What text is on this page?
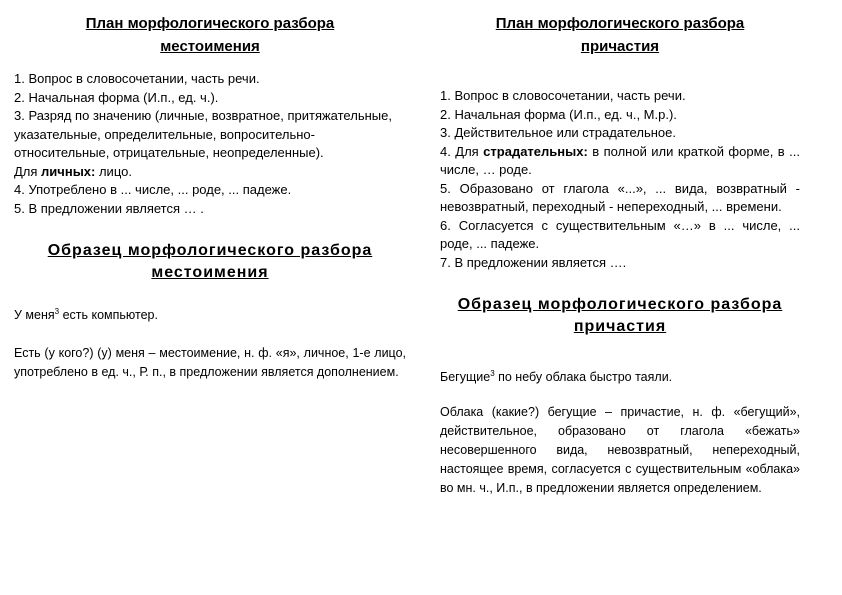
План морфологического разбора
местоимения

1. Вопрос в словосочетании, часть речи.

2. Начальная форма (И.п., ед. ч.).

3. Разряд по значению (личные, возвратное, притяжательные, указательные, определительные, вопросительно-относительные, отрицательные, неопределенные).

Для личных: лицо.

4. Употреблено в ... числе, ... роде, ... падеже.

5. В предложении является … .

Образец морфологического разбора
местоимения

У меня$^3$ есть компьютер.

Есть (у кого?) (у) меня – местоимение, н. ф. «я», личное, 1-е лицо, употреблено в ед. ч., Р. п., в предложении является дополнением.

План морфологического разбора
причастия

1. Вопрос в словосочетании, часть речи.

2. Начальная форма (И.п., ед. ч., М.р.).

3. Действительное или страдательное.

4. Для страдательных: в полной или краткой форме, в ... числе, … роде.

5. Образовано от глагола «...», ... вида, возвратный - невозвратный, переходный - непереходный, ... времени.

6. Согласуется с существительным «…» в ... числе, ... роде, ... падеже.

7. В предложении является ….

Образец морфологического разбора
причастия

Бегущие$^3$ по небу облака быстро таяли.

Облака (какие?) бегущие – причастие, н. ф. «бегущий», действительное, образовано от глагола «бежать» несовершенного вида, невозвратный, непереходный, настоящее время, согласуется с существительным «облака» во мн. ч., И.п., в предложении является определением.
